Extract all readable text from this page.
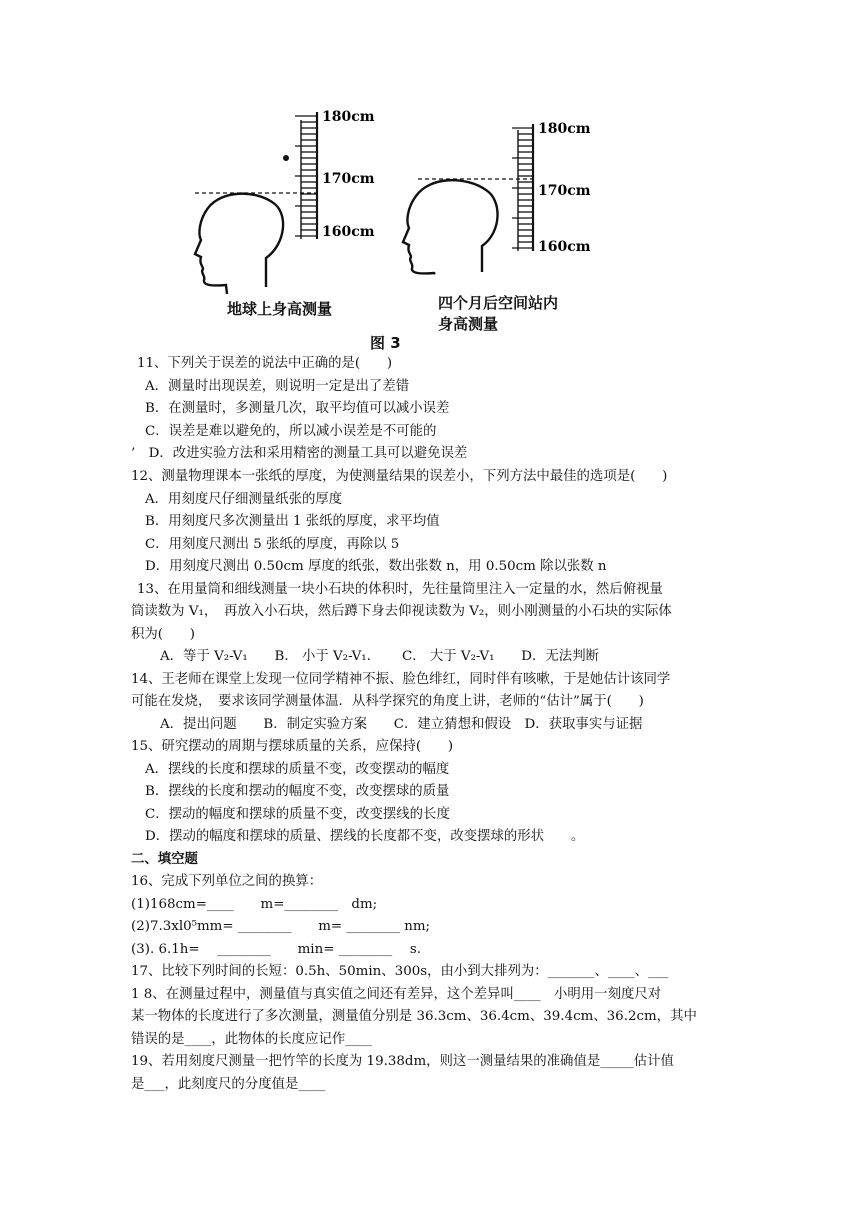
180cm
170cm
160cm
180cm
170cm
160cm
地球上身高测量	四个月后空间站内
身高测量
图 3
11、下列关于误差的说法中正确的是(　　)
A．测量时出现误差，则说明一定是出了差错
B．在测量时，多测量几次，取平均值可以减小误差
C．误差是难以避免的，所以减小误差是不可能的
’　D．改进实验方法和采用精密的测量工具可以避免误差
12、测量物理课本一张纸的厚度，为使测量结果的误差小，下列方法中最佳的选项是(　　)
A．用刻度尺仔细测量纸张的厚度
B．用刻度尺多次测量出 1 张纸的厚度，求平均值
C．用刻度尺测出 5 张纸的厚度，再除以 5
D．用刻度尺测出 0.50cm 厚度的纸张，数出张数 n，用 0.50cm 除以张数 n
13、在用量筒和细线测量一块小石块的体积时，先往量筒里注入一定量的水，然后俯视量
筒读数为 V₁，　再放入小石块，然后蹲下身去仰视读数为 V₂，则小刚测量的小石块的实际体
积为(　　)
A．等于 V₂-V₁　　B． 小于 V₂-V₁.　　 C． 大于 V₂-V₁　　D．无法判断
14、王老师在课堂上发现一位同学精神不振、脸色绯红，同时伴有咳嗽，于是她估计该同学
可能在发烧，　要求该同学测量体温．从科学探究的角度上讲，老师的“估计”属于(　　)
A．提出问题　　B．制定实验方案　　C．建立猜想和假设　D．获取事实与证据
15、研究摆动的周期与摆球质量的关系，应保持(　　)
A．摆线的长度和摆球的质量不变，改变摆动的幅度
B．摆线的长度和摆动的幅度不变，改变摆球的质量
C．摆动的幅度和摆球的质量不变，改变摆线的长度
D．摆动的幅度和摆球的质量、摆线的长度都不变，改变摆球的形状　　。
二、填空题
16、完成下列单位之间的换算：
(1)168cm=____　　m=________　dm;
(2)7.3xl0⁵mm= ________　　m= ________ nm;
(3). 6.1h=　 ________　　min= ________　 s.
17、比较下列时间的长短：0.5h、50min、300s，由小到大排列为：_______、____、___
1 8、在测量过程中，测量值与真实值之间还有差异，这个差异叫____　小明用一刻度尺对
某一物体的长度进行了多次测量，测量值分别是 36.3cm、36.4cm、39.4cm、36.2cm，其中
错误的是____，此物体的长度应记作____
19、若用刻度尺测量一把竹竿的长度为 19.38dm，则这一测量结果的准确值是_____估计值
是___，此刻度尺的分度值是____
